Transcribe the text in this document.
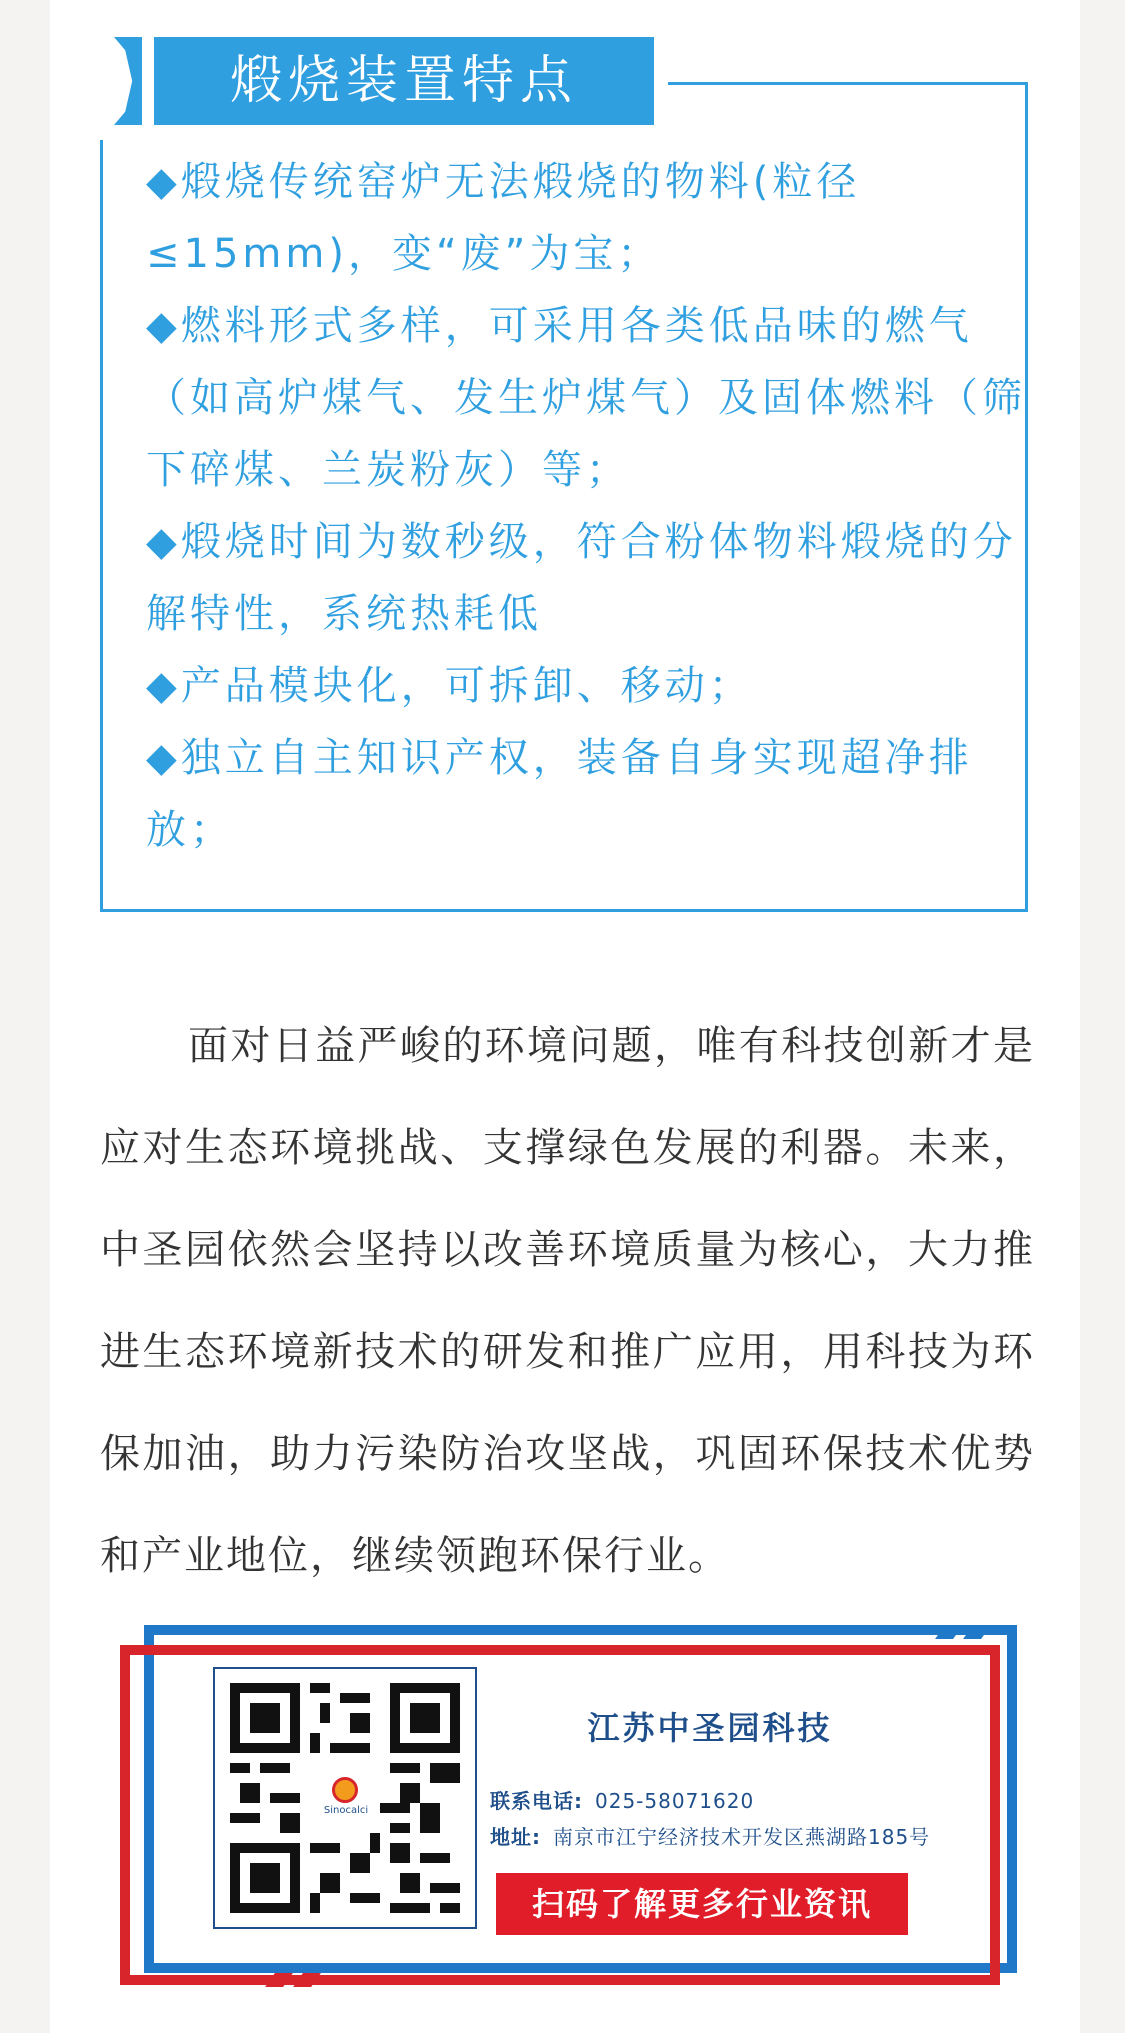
煅烧装置特点

◆煅烧传统窑炉无法煅烧的物料(粒径≤15mm)，变“废”为宝；

◆燃料形式多样，可采用各类低品味的燃气（如高炉煤气、发生炉煤气）及固体燃料（筛下碎煤、兰炭粉灰）等；

◆煅烧时间为数秒级，符合粉体物料煅烧的分解特性，系统热耗低

◆产品模块化，可拆卸、移动；

◆独立自主知识产权，装备自身实现超净排放；

面对日益严峻的环境问题，唯有科技创新才是应对生态环境挑战、支撑绿色发展的利器。未来，中圣园依然会坚持以改善环境质量为核心，大力推进生态环境新技术的研发和推广应用，用科技为环保加油，助力污染防治攻坚战，巩固环保技术优势和产业地位，继续领跑环保行业。

Sinocalci
江苏中圣园科技
联系电话: 025-58071620
地址: 南京市江宁经济技术开发区燕湖路185号
扫码了解更多行业资讯
